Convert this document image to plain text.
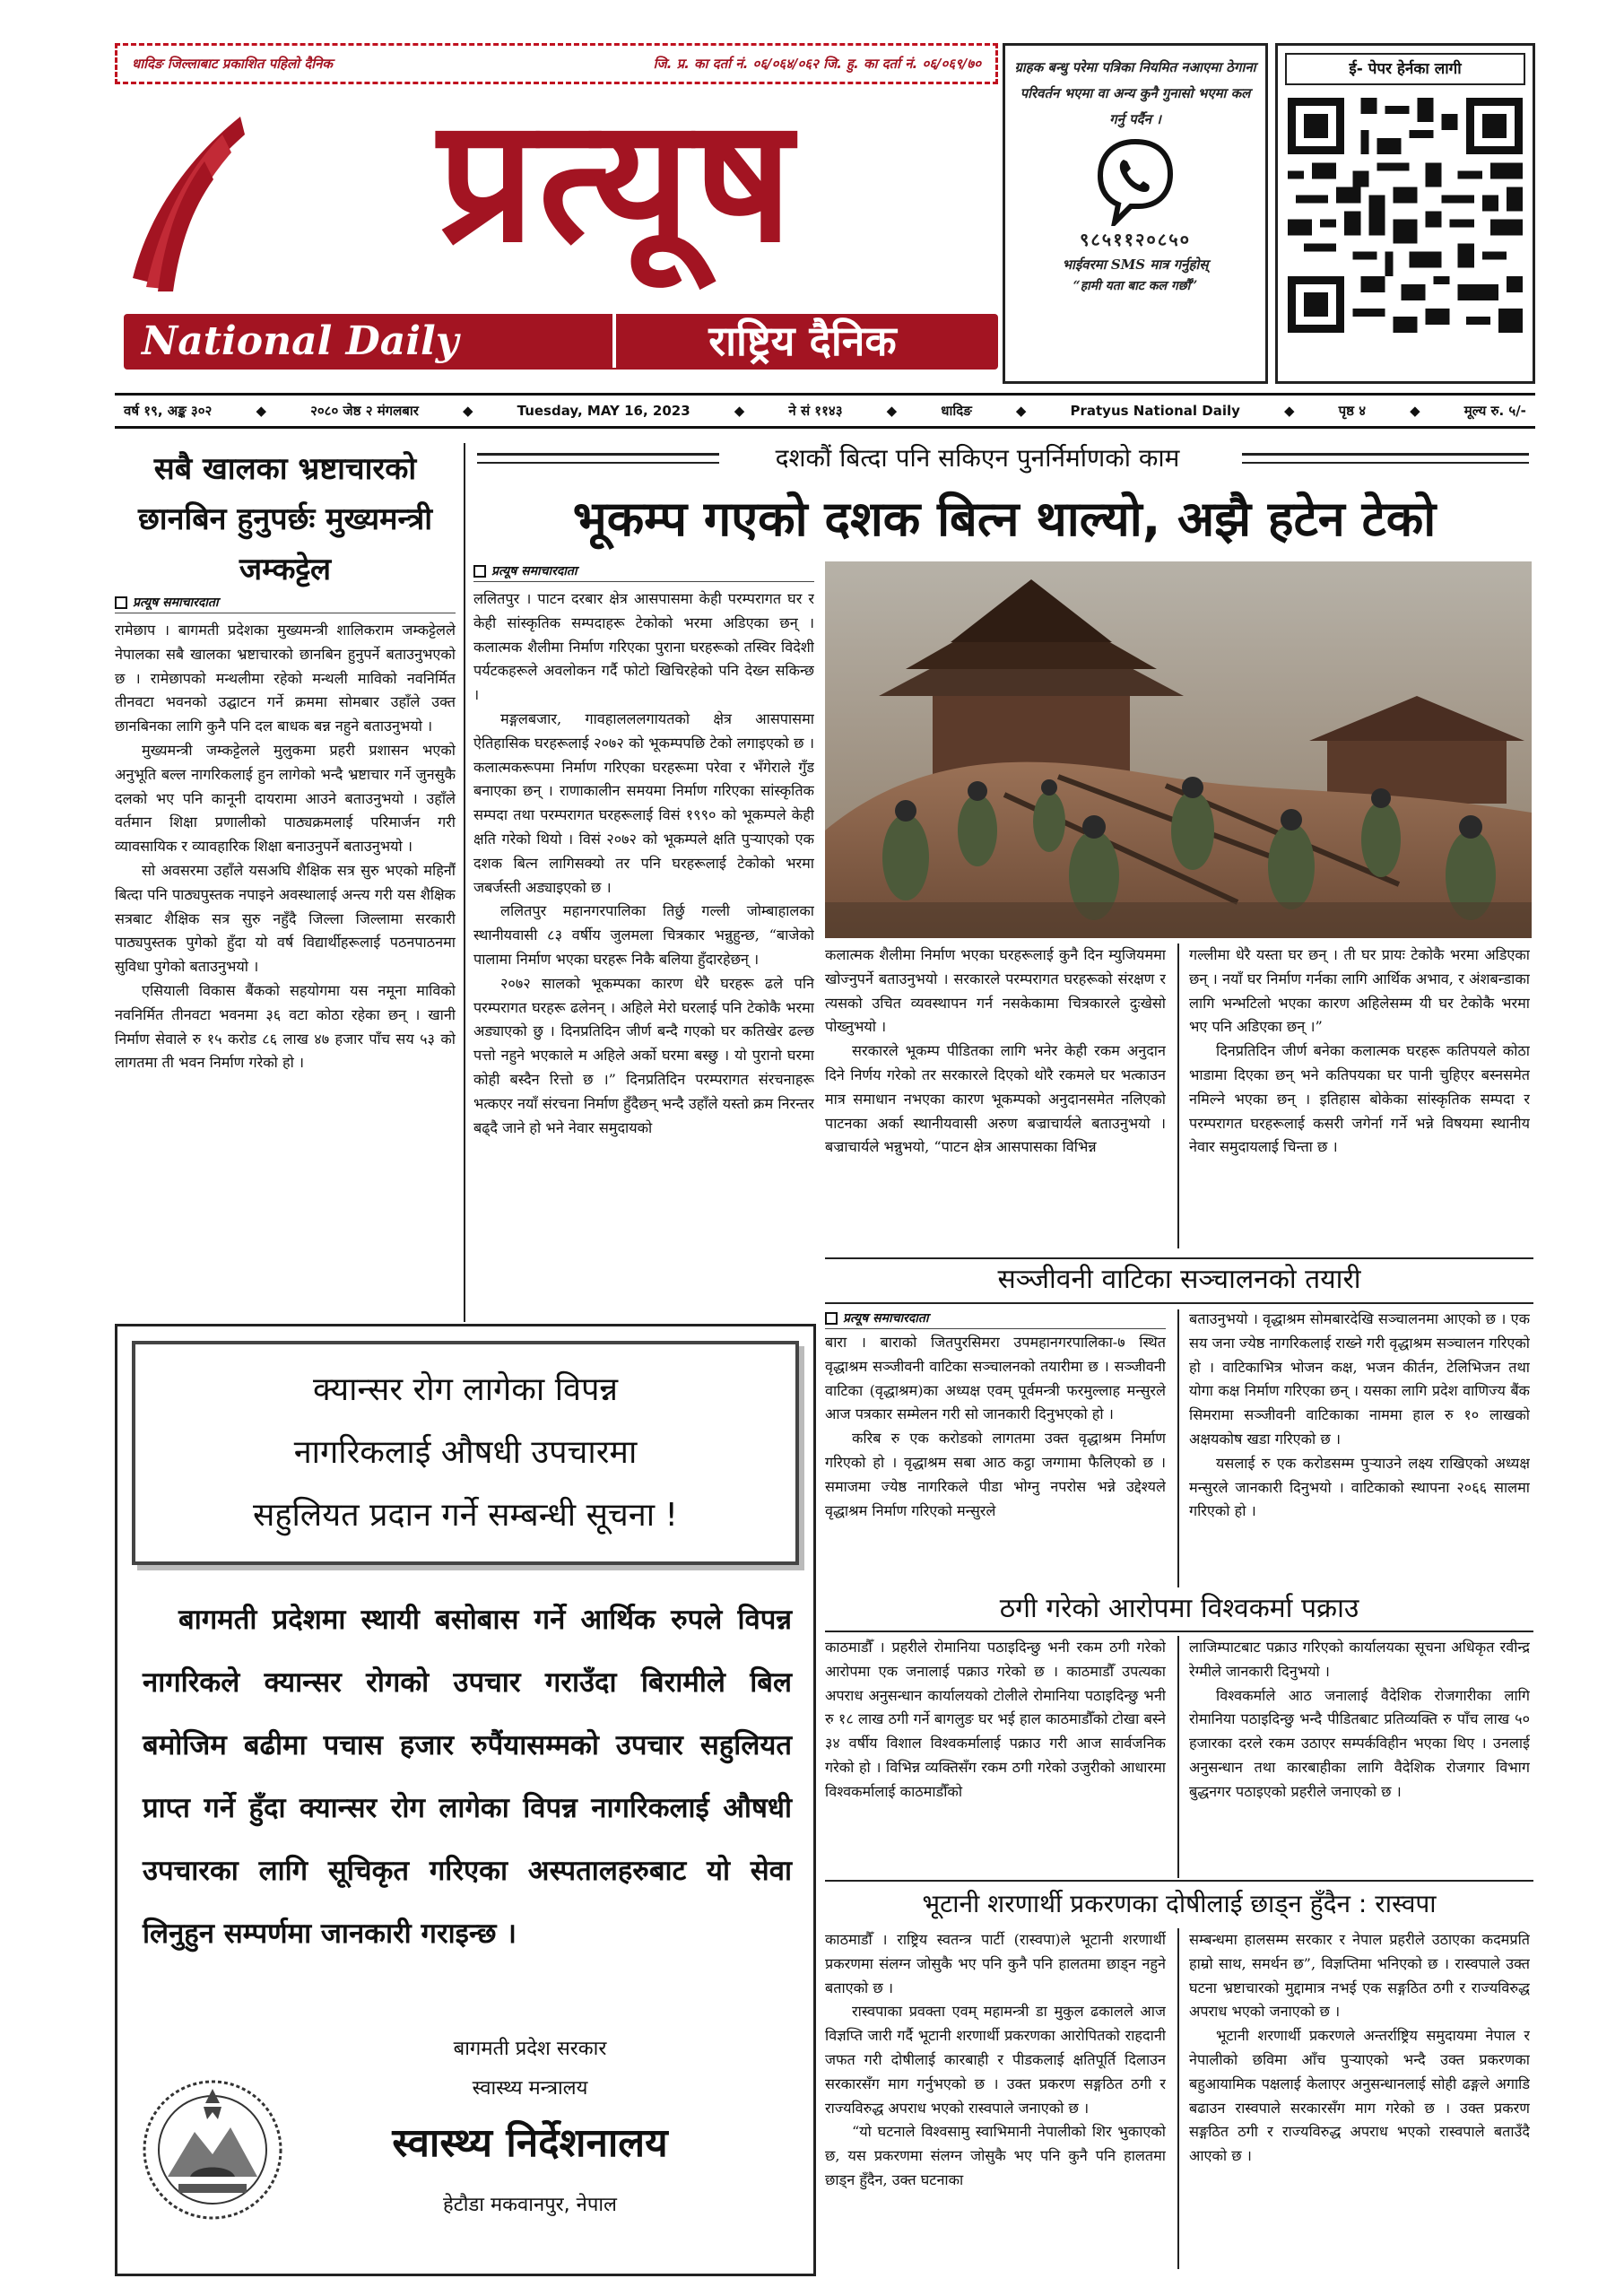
धादिङ जिल्लाबाट प्रकाशित पहिलो दैनिक	जि. प्र. का दर्ता नं. ०६/०६४/०६२ जि. हु. का दर्ता नं. ०६/०६९/७०
प्रत्यूष
National Daily	राष्ट्रिय दैनिक
ग्राहक बन्धु परेमा पत्रिका नियमित नआएमा ठेगाना परिवर्तन भएमा वा अन्य कुनै गुनासो भएमा कल गर्नु पर्दैन ।
९८५११२०८५०
भाईवरमा SMS मात्र गर्नुहोस्
“हामी यता बाट कल गर्छौं”
ई- पेपर हेर्नका लागी
वर्ष १९, अङ्क ३०२	◆	२०८० जेष्ठ २ मंगलबार	◆	Tuesday, MAY 16, 2023	◆	ने सं ११४३	◆	धादिङ	◆	Pratyus National Daily	◆	पृष्ठ ४	◆	मूल्य रु. ५/-
सबै खालका भ्रष्टाचारको छानबिन हुनुपर्छः मुख्यमन्त्री जम्कट्टेल
प्रत्यूष समाचारदाता

रामेछाप । बागमती प्रदेशका मुख्यमन्त्री शालिकराम जम्कट्टेलले नेपालका सबै खालका भ्रष्टाचारको छानबिन हुनुपर्ने बताउनुभएको छ । रामेछापको मन्थलीमा रहेको मन्थली माविको नवनिर्मित तीनवटा भवनको उद्घाटन गर्ने क्रममा सोमबार उहाँले उक्त छानबिनका लागि कुनै पनि दल बाधक बन्न नहुने बताउनुभयो ।

मुख्यमन्त्री जम्कट्टेलले मुलुकमा प्रहरी प्रशासन भएको अनुभूति बल्ल नागरिकलाई हुन लागेको भन्दै भ्रष्टाचार गर्ने जुनसुकै दलको भए पनि कानूनी दायरामा आउने बताउनुभयो । उहाँले वर्तमान शिक्षा प्रणालीको पाठ्यक्रमलाई परिमार्जन गरी व्यावसायिक र व्यावहारिक शिक्षा बनाउनुपर्ने बताउनुभयो ।

सो अवसरमा उहाँले यसअघि शैक्षिक सत्र सुरु भएको महिनौँ बित्दा पनि पाठ्यपुस्तक नपाइने अवस्थालाई अन्त्य गरी यस शैक्षिक सत्रबाट शैक्षिक सत्र सुरु नहुँदै जिल्ला जिल्लामा सरकारी पाठ्यपुस्तक पुगेको हुँदा यो वर्ष विद्यार्थीहरूलाई पठनपाठनमा सुविधा पुगेको बताउनुभयो ।

एसियाली विकास बैंकको सहयोगमा यस नमूना माविको नवनिर्मित तीनवटा भवनमा ३६ वटा कोठा रहेका छन् । खानी निर्माण सेवाले रु १५ करोड ८६ लाख ४७ हजार पाँच सय ५३ को लागतमा ती भवन निर्माण गरेको हो ।

दशकौं बित्दा पनि सकिएन पुनर्निर्माणको काम
भूकम्प गएको दशक बित्न थाल्यो, अझै हटेन टेको
प्रत्यूष समाचारदाता

ललितपुर । पाटन दरबार क्षेत्र आसपासमा केही परम्परागत घर र केही सांस्कृतिक सम्पदाहरू टेकोको भरमा अडिएका छन् । कलात्मक शैलीमा निर्माण गरिएका पुराना घरहरूको तस्विर विदेशी पर्यटकहरूले अवलोकन गर्दै फोटो खिचिरहेको पनि देख्न सकिन्छ ।

मङ्गलबजार, गावहालललगायतको क्षेत्र आसपासमा ऐतिहासिक घरहरूलाई २०७२ को भूकम्पपछि टेको लगाइएको छ । कलात्मकरूपमा निर्माण गरिएका घरहरूमा परेवा र भँगेराले गुँड बनाएका छन् । राणाकालीन समयमा निर्माण गरिएका सांस्कृतिक सम्पदा तथा परम्परागत घरहरूलाई विसं १९९० को भूकम्पले केही क्षति गरेको थियो । विसं २०७२ को भूकम्पले क्षति पुऱ्याएको एक दशक बित्न लागिसक्यो तर पनि घरहरूलाई टेकोको भरमा जबर्जस्ती अड्याइएको छ ।

ललितपुर महानगरपालिका तिर्छु गल्ली जोम्बाहालका स्थानीयवासी ८३ वर्षीय जुलमला चित्रकार भन्नुहुन्छ, “बाजेको पालामा निर्माण भएका घरहरू निकै बलिया हुँदारहेछन् ।

२०७२ सालको भूकम्पका कारण धेरै घरहरू ढले पनि परम्परागत घरहरू ढलेनन् । अहिले मेरो घरलाई पनि टेकोकै भरमा अड्याएको छु । दिनप्रतिदिन जीर्ण बन्दै गएको घर कतिखेर ढल्छ पत्तो नहुने भएकाले म अहिले अर्को घरमा बस्छु । यो पुरानो घरमा कोही बस्दैन रित्तो छ ।” दिनप्रतिदिन परम्परागत संरचनाहरू भत्कएर नयाँ संरचना निर्माण हुँदैछन् भन्दै उहाँले यस्तो क्रम निरन्तर बढ्दै जाने हो भने नेवार समुदायको

कलात्मक शैलीमा निर्माण भएका घरहरूलाई कुनै दिन म्युजियममा खोज्नुपर्ने बताउनुभयो । सरकारले परम्परागत घरहरूको संरक्षण र त्यसको उचित व्यवस्थापन गर्न नसकेकामा चित्रकारले दुःखेसो पोख्नुभयो ।

सरकारले भूकम्प पीडितका लागि भनेर केही रकम अनुदान दिने निर्णय गरेको तर सरकारले दिएको थोरै रकमले घर भत्काउन मात्र समाधान नभएका कारण भूकम्पको अनुदानसमेत नलिएको पाटनका अर्का स्थानीयवासी अरुण बज्राचार्यले बताउनुभयो । बज्राचार्यले भन्नुभयो, “पाटन क्षेत्र आसपासका विभिन्न

गल्लीमा धेरै यस्ता घर छन् । ती घर प्रायः टेकोकै भरमा अडिएका छन् । नयाँ घर निर्माण गर्नका लागि आर्थिक अभाव, र अंशबन्डाका लागि भन्भटिलो भएका कारण अहिलेसम्म यी घर टेकोकै भरमा भए पनि अडिएका छन् ।”

दिनप्रतिदिन जीर्ण बनेका कलात्मक घरहरू कतिपयले कोठा भाडामा दिएका छन् भने कतिपयका घर पानी चुहिएर बस्नसमेत नमिल्ने भएका छन् । इतिहास बोकेका सांस्कृतिक सम्पदा र परम्परागत घरहरूलाई कसरी जगेर्ना गर्ने भन्ने विषयमा स्थानीय नेवार समुदायलाई चिन्ता छ ।

सञ्जीवनी वाटिका सञ्चालनको तयारी
प्रत्यूष समाचारदाता

बारा । बाराको जितपुरसिमरा उपमहानगरपालिका-७ स्थित वृद्धाश्रम सञ्जीवनी वाटिका सञ्चालनको तयारीमा छ । सञ्जीवनी वाटिका (वृद्धाश्रम)का अध्यक्ष एवम् पूर्वमन्त्री फरमुल्लाह मन्सुरले आज पत्रकार सम्मेलन गरी सो जानकारी दिनुभएको हो ।

करिब रु एक करोडको लागतमा उक्त वृद्धाश्रम निर्माण गरिएको हो । वृद्धाश्रम सबा आठ कट्ठा जग्गामा फैलिएको छ । समाजमा ज्येष्ठ नागरिकले पीडा भोग्नु नपरोस भन्ने उद्देश्यले वृद्धाश्रम निर्माण गरिएको मन्सुरले

बताउनुभयो । वृद्धाश्रम सोमबारदेखि सञ्चालनमा आएको छ । एक सय जना ज्येष्ठ नागरिकलाई राख्ने गरी वृद्धाश्रम सञ्चालन गरिएको हो । वाटिकाभित्र भोजन कक्ष, भजन कीर्तन, टेलिभिजन तथा योगा कक्ष निर्माण गरिएका छन् । यसका लागि प्रदेश वाणिज्य बैंक सिमरामा सञ्जीवनी वाटिकाका नाममा हाल रु १० लाखको अक्षयकोष खडा गरिएको छ ।

यसलाई रु एक करोडसम्म पुऱ्याउने लक्ष्य राखिएको अध्यक्ष मन्सुरले जानकारी दिनुभयो । वाटिकाको स्थापना २०६६ सालमा गरिएको हो ।

ठगी गरेको आरोपमा विश्वकर्मा पक्राउ

काठमाडौँ । प्रहरीले रोमानिया पठाइदिन्छु भनी रकम ठगी गरेको आरोपमा एक जनालाई पक्राउ गरेको छ । काठमाडौँ उपत्यका अपराध अनुसन्धान कार्यालयको टोलीले रोमानिया पठाइदिन्छु भनी रु १८ लाख ठगी गर्ने बागलुङ घर भई हाल काठमाडौँको टोखा बस्ने ३४ वर्षीय विशाल विश्वकर्मालाई पक्राउ गरी आज सार्वजनिक गरेको हो । विभिन्न व्यक्तिसँग रकम ठगी गरेको उजुरीको आधारमा विश्वकर्मालाई काठमाडौँको

लाजिम्पाटबाट पक्राउ गरिएको कार्यालयका सूचना अधिकृत रवीन्द्र रेग्मीले जानकारी दिनुभयो ।

विश्वकर्माले आठ जनालाई वैदेशिक रोजगारीका लागि रोमानिया पठाइदिन्छु भन्दै पीडितबाट प्रतिव्यक्ति रु पाँच लाख ५० हजारका दरले रकम उठाएर सम्पर्कविहीन भएका थिए । उनलाई अनुसन्धान तथा कारबाहीका लागि वैदेशिक रोजगार विभाग बुद्धनगर पठाइएको प्रहरीले जनाएको छ ।

भूटानी शरणार्थी प्रकरणका दोषीलाई छाड्न हुँदैन : रास्वपा

काठमाडौँ । राष्ट्रिय स्वतन्त्र पार्टी (रास्वपा)ले भूटानी शरणार्थी प्रकरणमा संलग्न जोसुकै भए पनि कुनै पनि हालतमा छाड्न नहुने बताएको छ ।

रास्वपाका प्रवक्ता एवम् महामन्त्री डा मुकुल ढकालले आज विज्ञप्ति जारी गर्दै भूटानी शरणार्थी प्रकरणका आरोपितको राहदानी जफत गरी दोषीलाई कारबाही र पीडकलाई क्षतिपूर्ति दिलाउन सरकारसँग माग गर्नुभएको छ । उक्त प्रकरण सङ्गठित ठगी र राज्यविरुद्ध अपराध भएको रास्वपाले जनाएको छ ।

“यो घटनाले विश्वसामु स्वाभिमानी नेपालीको शिर भुकाएको छ, यस प्रकरणमा संलग्न जोसुकै भए पनि कुनै पनि हालतमा छाड्न हुँदैन, उक्त घटनाका

सम्बन्धमा हालसम्म सरकार र नेपाल प्रहरीले उठाएका कदमप्रति हाम्रो साथ, समर्थन छ”, विज्ञप्तिमा भनिएको छ । रास्वपाले उक्त घटना भ्रष्टाचारको मुद्दामात्र नभई एक सङ्गठित ठगी र राज्यविरुद्ध अपराध भएको जनाएको छ ।

भूटानी शरणार्थी प्रकरणले अन्तर्राष्ट्रिय समुदायमा नेपाल र नेपालीको छविमा आँच पुऱ्याएको भन्दै उक्त प्रकरणका बहुआयामिक पक्षलाई केलाएर अनुसन्धानलाई सोही ढङ्गले अगाडि बढाउन रास्वपाले सरकारसँग माग गरेको छ । उक्त प्रकरण सङ्गठित ठगी र राज्यविरुद्ध अपराध भएको रास्वपाले बताउँदै आएको छ ।

क्यान्सर रोग लागेका विपन्न
नागरिकलाई औषधी उपचारमा
सहुलियत प्रदान गर्ने सम्बन्धी सूचना !
बागमती प्रदेशमा स्थायी बसोबास गर्ने आर्थिक रुपले विपन्न नागरिकले क्यान्सर रोगको उपचार गराउँदा बिरामीले बिल बमोजिम बढीमा पचास हजार रुपैंयासम्मको उपचार सहुलियत प्राप्त गर्ने हुँदा क्यान्सर रोग लागेका विपन्न नागरिकलाई औषधी उपचारका लागि सूचिकृत गरिएका अस्पतालहरुबाट यो सेवा लिनुहुन सम्पर्णमा जानकारी गराइन्छ ।
बागमती प्रदेश सरकार
स्वास्थ्य मन्त्रालय
स्वास्थ्य निर्देशनालय
हेटौडा मकवानपुर, नेपाल
